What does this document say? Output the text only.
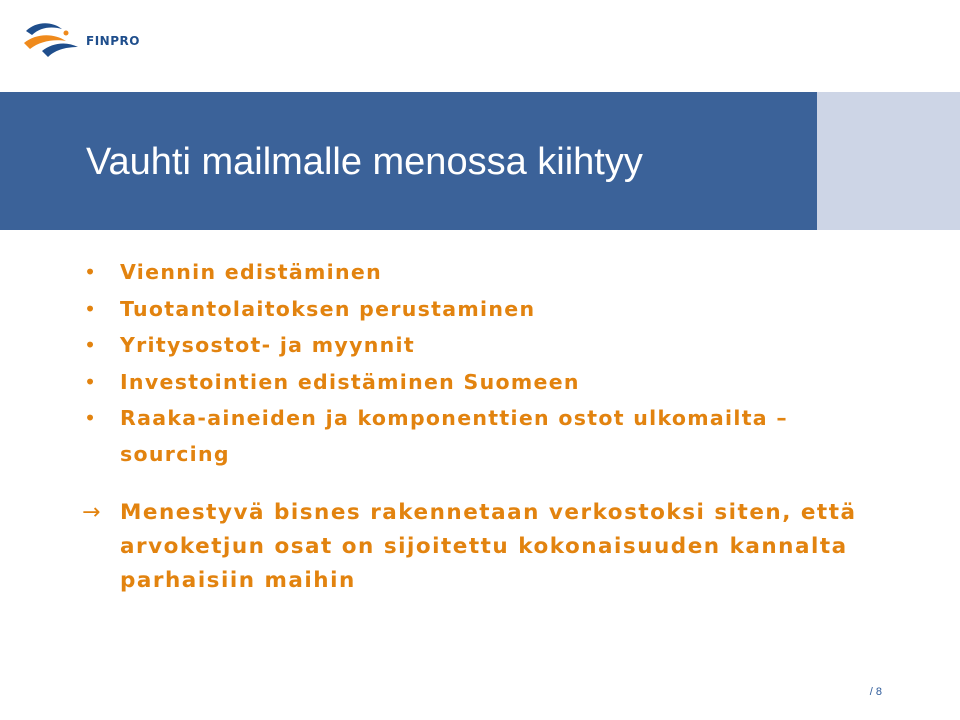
FINPRO
Vauhti mailmalle menossa kiihtyy
• Viennin edistäminen
• Tuotantolaitoksen perustaminen
• Yritysostot- ja myynnit
• Investointien edistäminen Suomeen
• Raaka-aineiden ja komponenttien ostot ulkomailta – sourcing

→ Menestyvä bisnes rakennetaan verkostoksi siten, että arvoketjun osat on sijoitettu kokonaisuuden kannalta parhaisiin maihin

/ 8
